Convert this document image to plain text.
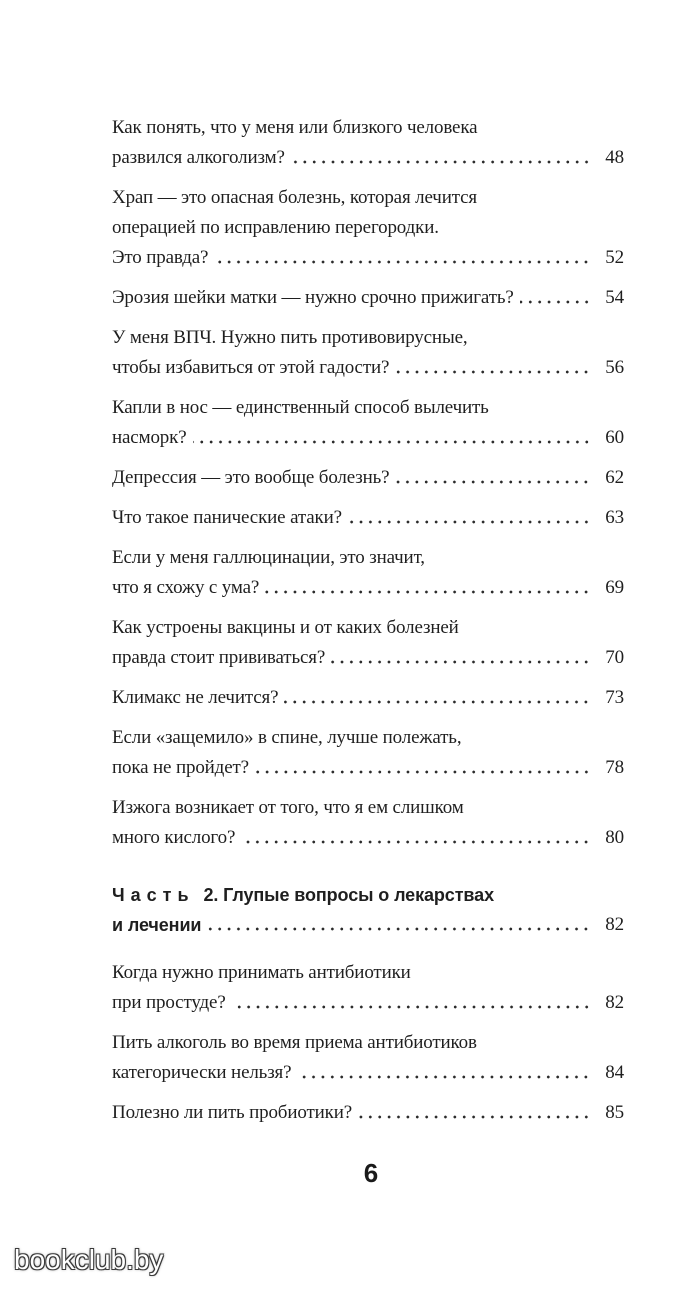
Как понять, что у меня или близкого человека
развился алкоголизм?	48
Храп — это опасная болезнь, которая лечится
операцией по исправлению перегородки.
Это правда?	52
Эрозия шейки матки — нужно срочно прижигать?	54
У меня ВПЧ. Нужно пить противовирусные,
чтобы избавиться от этой гадости?	56
Капли в нос — единственный способ вылечить
насморк?	60
Депрессия — это вообще болезнь?	62
Что такое панические атаки?	63
Если у меня галлюцинации, это значит,
что я схожу с ума?	69
Как устроены вакцины и от каких болезней
правда стоит прививаться?	70
Климакс не лечится?	73
Если «защемило» в спине, лучше полежать,
пока не пройдет?	78
Изжога возникает от того, что я ем слишком
много кислого?	80
Часть 2. Глупые вопросы о лекарствах
и лечении	82
Когда нужно принимать антибиотики
при простуде?	82
Пить алкоголь во время приема антибиотиков
категорически нельзя?	84
Полезно ли пить пробиотики?	85
6
bookclub.by
